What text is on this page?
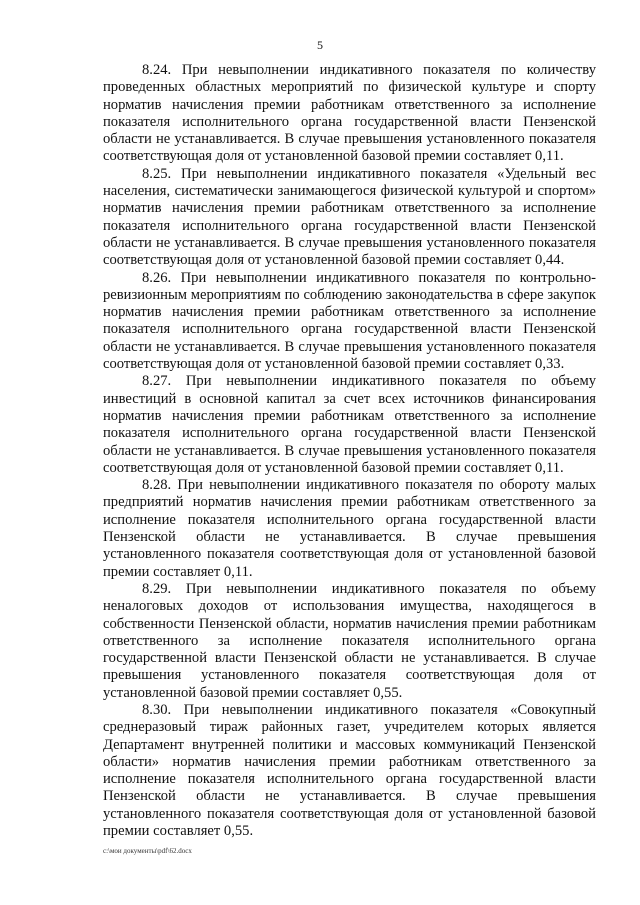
5

8.24. При невыполнении индикативного показателя по количеству проведенных областных мероприятий по физической культуре и спорту норматив начисления премии работникам ответственного за исполнение показателя исполнительного органа государственной власти Пензенской области не устанавливается. В случае превышения установленного показателя соответствующая доля от установленной базовой премии составляет 0,11.

8.25. При невыполнении индикативного показателя «Удельный вес населения, систематически занимающегося физической культурой и спортом» норматив начисления премии работникам ответственного за исполнение показателя исполнительного органа государственной власти Пензенской области не устанавливается. В случае превышения установленного показателя соответствующая доля от установленной базовой премии составляет 0,44.

8.26. При невыполнении индикативного показателя по контрольно-ревизионным мероприятиям по соблюдению законодательства в сфере закупок норматив начисления премии работникам ответственного за исполнение показателя исполнительного органа государственной власти Пензенской области не устанавливается. В случае превышения установленного показателя соответствующая доля от установленной базовой премии составляет 0,33.

8.27. При невыполнении индикативного показателя по объему инвестиций в основной капитал за счет всех источников финансирования норматив начисления премии работникам ответственного за исполнение показателя исполнительного органа государственной власти Пензенской области не устанавливается. В случае превышения установленного показателя соответствующая доля от установленной базовой премии составляет 0,11.

8.28. При невыполнении индикативного показателя по обороту малых предприятий норматив начисления премии работникам ответственного за исполнение показателя исполнительного органа государственной власти Пензенской области не устанавливается. В случае превышения установленного показателя соответствующая доля от установленной базовой премии составляет 0,11.

8.29. При невыполнении индикативного показателя по объему неналоговых доходов от использования имущества, находящегося в собственности Пензенской области, норматив начисления премии работникам ответственного за исполнение показателя исполнительного органа государственной власти Пензенской области не устанавливается. В случае превышения установленного показателя соответствующая доля от установленной базовой премии составляет 0,55.

8.30. При невыполнении индикативного показателя «Совокупный среднеразовый тираж районных газет, учредителем которых является Департамент внутренней политики и массовых коммуникаций Пензенской области» норматив начисления премии работникам ответственного за исполнение показателя исполнительного органа государственной власти Пензенской области не устанавливается. В случае превышения установленного показателя соответствующая доля от установленной базовой премии составляет 0,55.

c:\мои документы\pdf\62.docx
